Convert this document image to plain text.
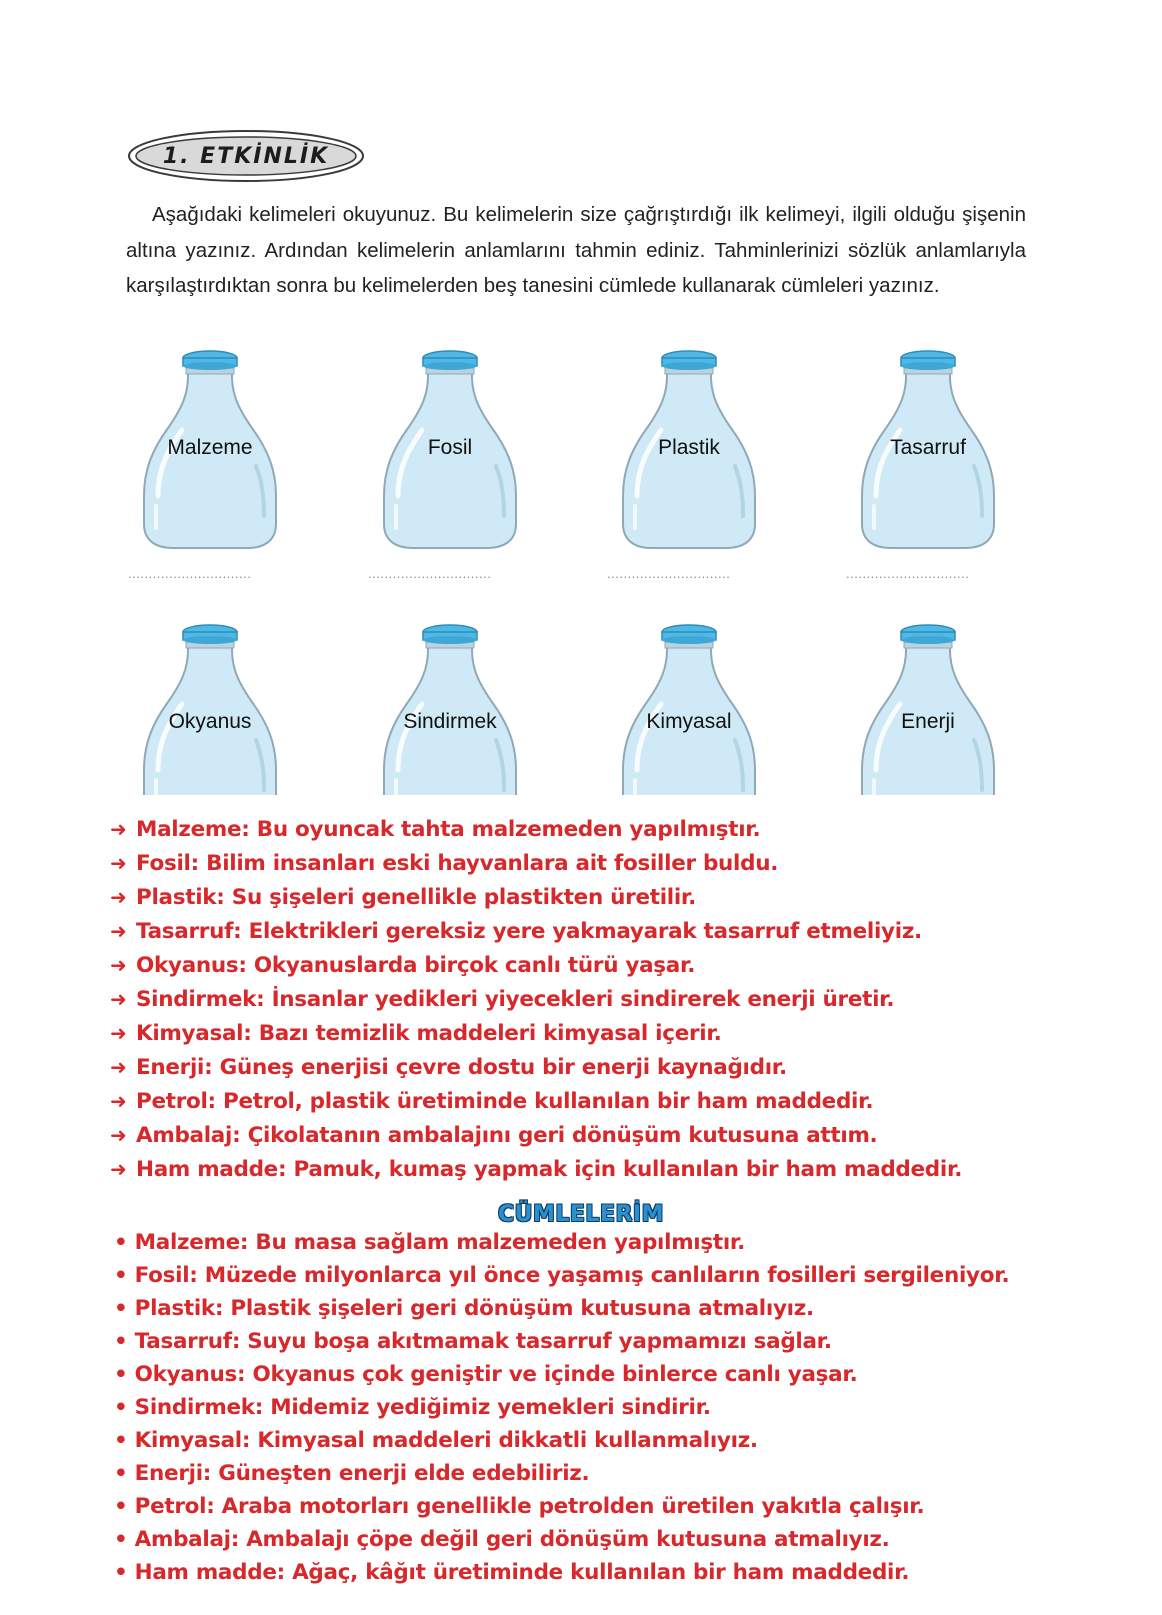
1. ETKİNLİK

Aşağıdaki kelimeleri okuyunuz. Bu kelimelerin size çağrıştırdığı ilk kelimeyi, ilgili olduğu şişenin altına yazınız. Ardından kelimelerin anlamlarını tahmin ediniz. Tahminlerinizi sözlük anlamlarıyla karşılaştırdıktan sonra bu kelimelerden beş tanesini cümlede kullanarak cümleleri yazınız.

Malzeme
..............................
Fosil
..............................
Plastik
..............................
Tasarruf
..............................
Okyanus	Sindirmek	Kimyasal	Enerji
➜ Malzeme: Bu oyuncak tahta malzemeden yapılmıştır.
➜ Fosil: Bilim insanları eski hayvanlara ait fosiller buldu.
➜ Plastik: Su şişeleri genellikle plastikten üretilir.
➜ Tasarruf: Elektrikleri gereksiz yere yakmayarak tasarruf etmeliyiz.
➜ Okyanus: Okyanuslarda birçok canlı türü yaşar.
➜ Sindirmek: İnsanlar yedikleri yiyecekleri sindirerek enerji üretir.
➜ Kimyasal: Bazı temizlik maddeleri kimyasal içerir.
➜ Enerji: Güneş enerjisi çevre dostu bir enerji kaynağıdır.
➜ Petrol: Petrol, plastik üretiminde kullanılan bir ham maddedir.
➜ Ambalaj: Çikolatanın ambalajını geri dönüşüm kutusuna attım.
➜ Ham madde: Pamuk, kumaş yapmak için kullanılan bir ham maddedir.
CÜMLELERİM
• Malzeme: Bu masa sağlam malzemeden yapılmıştır.
• Fosil: Müzede milyonlarca yıl önce yaşamış canlıların fosilleri sergileniyor.
• Plastik: Plastik şişeleri geri dönüşüm kutusuna atmalıyız.
• Tasarruf: Suyu boşa akıtmamak tasarruf yapmamızı sağlar.
• Okyanus: Okyanus çok geniştir ve içinde binlerce canlı yaşar.
• Sindirmek: Midemiz yediğimiz yemekleri sindirir.
• Kimyasal: Kimyasal maddeleri dikkatli kullanmalıyız.
• Enerji: Güneşten enerji elde edebiliriz.
• Petrol: Araba motorları genellikle petrolden üretilen yakıtla çalışır.
• Ambalaj: Ambalajı çöpe değil geri dönüşüm kutusuna atmalıyız.
• Ham madde: Ağaç, kâğıt üretiminde kullanılan bir ham maddedir.
